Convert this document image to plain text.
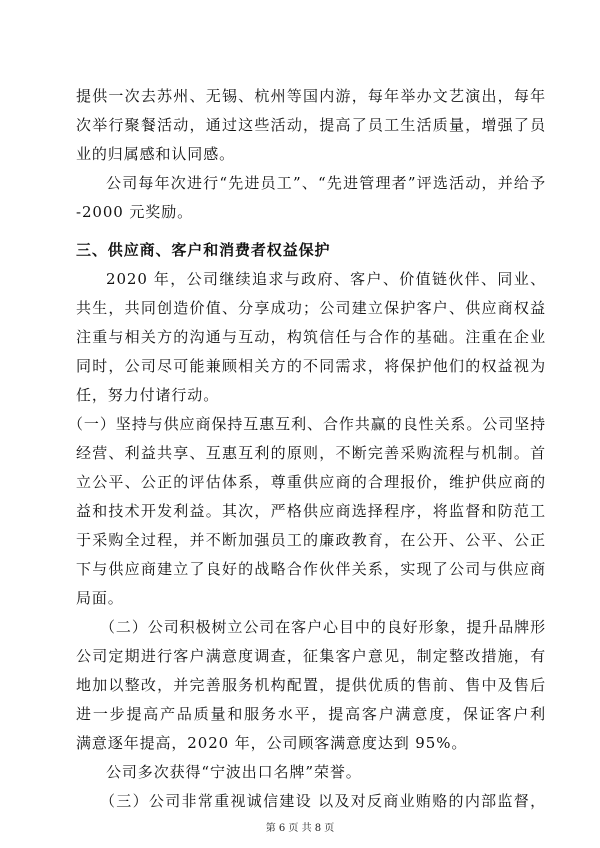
提供一次去苏州、无锡、杭州等国内游，每年举办文艺演出，每年
次举行聚餐活动，通过这些活动，提高了员工生活质量，增强了员
业的归属感和认同感。
公司每年次进行“先进员工”、“先进管理者”评选活动，并给予
-2000 元奖励。
三、供应商、客户和消费者权益保护
2020 年，公司继续追求与政府、客户、价值链伙伴、同业、
共生，共同创造价值、分享成功；公司建立保护客户、供应商权益
注重与相关方的沟通与互动，构筑信任与合作的基础。注重在企业
同时，公司尽可能兼顾相关方的不同需求，将保护他们的权益视为
任，努力付诸行动。
（一）坚持与供应商保持互惠互利、合作共赢的良性关系。公司坚持
经营、利益共享、互惠互利的原则，不断完善采购流程与机制。首
立公平、公正的评估体系，尊重供应商的合理报价，维护供应商的
益和技术开发利益。其次，严格供应商选择程序，将监督和防范工
于采购全过程，并不断加强员工的廉政教育，在公开、公平、公正
下与供应商建立了良好的战略合作伙伴关系，实现了公司与供应商
局面。
（二）公司积极树立公司在客户心目中的良好形象，提升品牌形
公司定期进行客户满意度调查，征集客户意见，制定整改措施，有
地加以整改，并完善服务机构配置，提供优质的售前、售中及售后
进一步提高产品质量和服务水平，提高客户满意度，保证客户利
满意逐年提高，2020 年，公司顾客满意度达到 95%。
公司多次获得“宁波出口名牌”荣誉。
第 6 页 共 8 页
（三）公司非常重视诚信建设 以及对反商业贿赂的内部监督，
